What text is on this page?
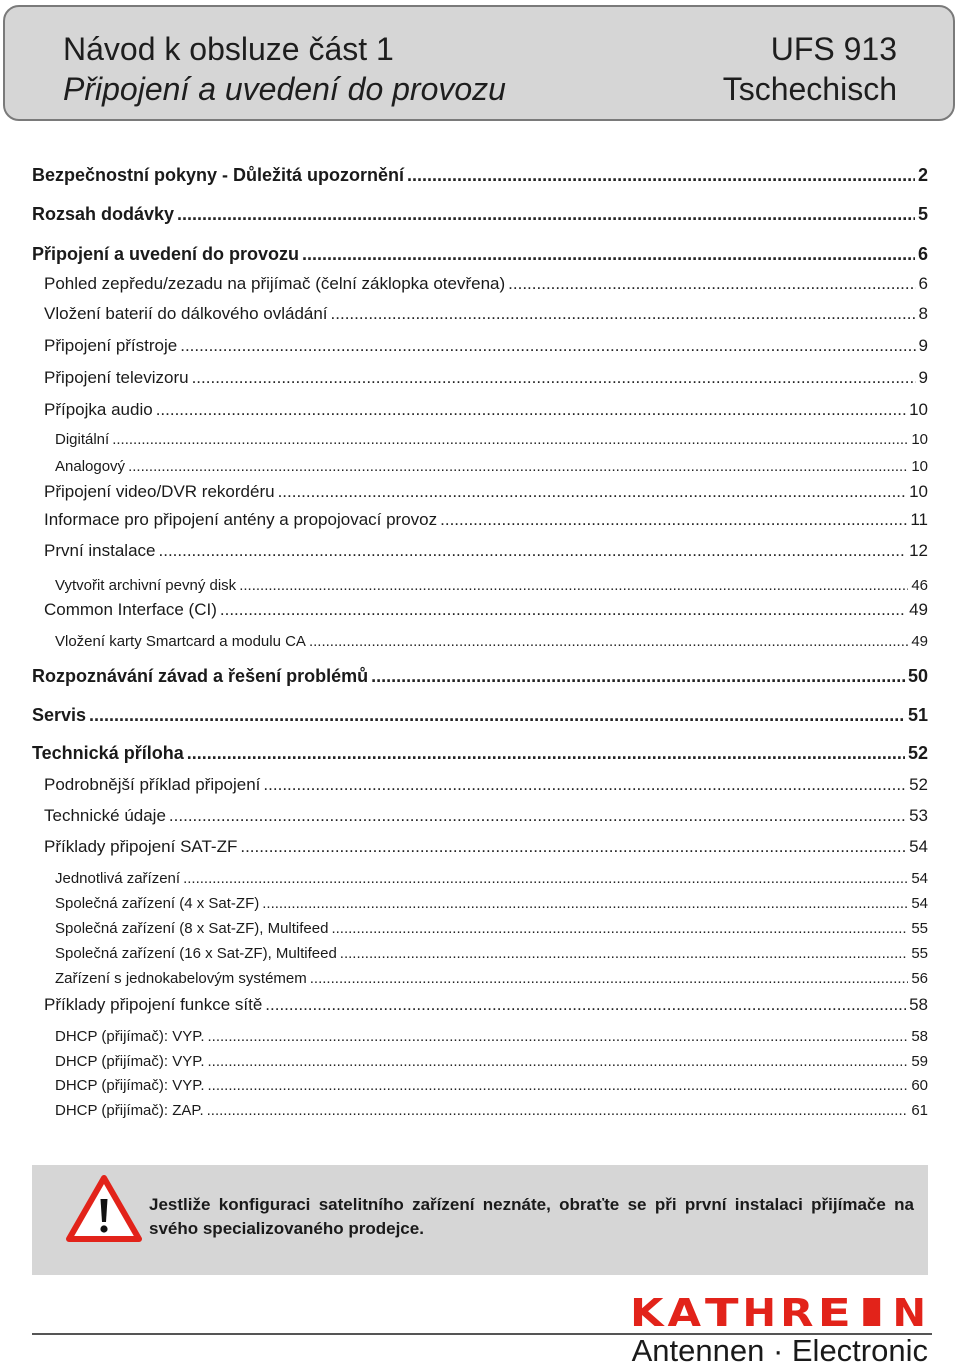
Návod k obsluze část 1
Připojení a uvedení do provozu
UFS 913
Tschechisch
Bezpečnostní pokyny - Důležitá upozornění .....	2
Rozsah dodávky .....	5
Připojení a uvedení do provozu .....	6
Pohled zepředu/zezadu na přijímač (čelní záklopka otevřena) .....	6
Vložení baterií do dálkového ovládání .....	8
Připojení přístroje .....	9
Připojení televizoru .....	9
Přípojka audio .....	10
Digitální .....	10
Analogový .....	10
Připojení video/DVR rekordéru .....	10
Informace pro připojení antény a propojovací provoz .....	11
První instalace .....	12
Vytvořit archivní pevný disk .....	46
Common Interface (CI) .....	49
Vložení karty Smartcard a modulu CA .....	49
Rozpoznávání závad a řešení problémů .....	50
Servis .....	51
Technická příloha .....	52
Podrobnější příklad připojení .....	52
Technické údaje .....	53
Příklady připojení SAT-ZF .....	54
Jednotlivá zařízení .....	54
Společná zařízení (4 x Sat-ZF) .....	54
Společná zařízení (8 x Sat-ZF), Multifeed .....	55
Společná zařízení (16 x Sat-ZF), Multifeed .....	55
Zařízení s jednokabelovým systémem .....	56
Příklady připojení funkce sítě .....	58
DHCP (přijímač): VYP. .....	58
DHCP (přijímač): VYP. .....	59
DHCP (přijímač): VYP. .....	60
DHCP (přijímač): ZAP. .....	61
Jestliže konfiguraci satelitního zařízení neznáte, obraťte se při první instalaci přijímače na svého specializovaného prodejce.
K A T H R E I N
Antennen · Electronic
